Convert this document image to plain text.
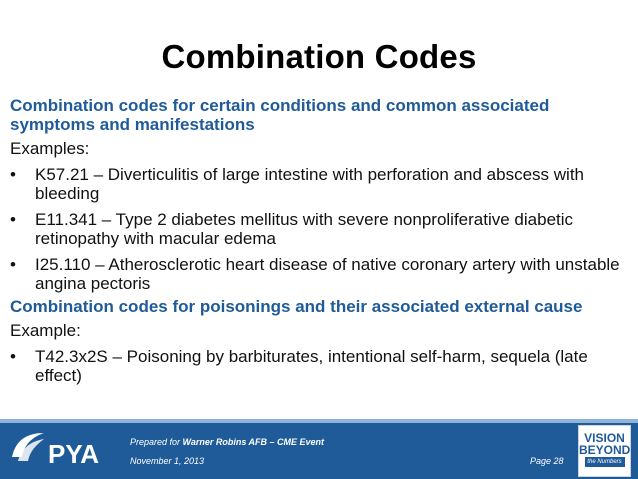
Combination Codes
Combination codes for certain conditions and common associated symptoms and manifestations
Examples:
• K57.21 – Diverticulitis of large intestine with perforation and abscess with bleeding
• E11.341 – Type 2 diabetes mellitus with severe nonproliferative diabetic retinopathy with macular edema
• I25.110 – Atherosclerotic heart disease of native coronary artery with unstable angina pectoris
Combination codes for poisonings and their associated external cause
Example:
• T42.3x2S – Poisoning by barbiturates, intentional self-harm, sequela (late effect)
PYA	Prepared for Warner Robins AFB – CME Event
November 1, 2013	Page 28
VISION
BEYOND
the Numbers
